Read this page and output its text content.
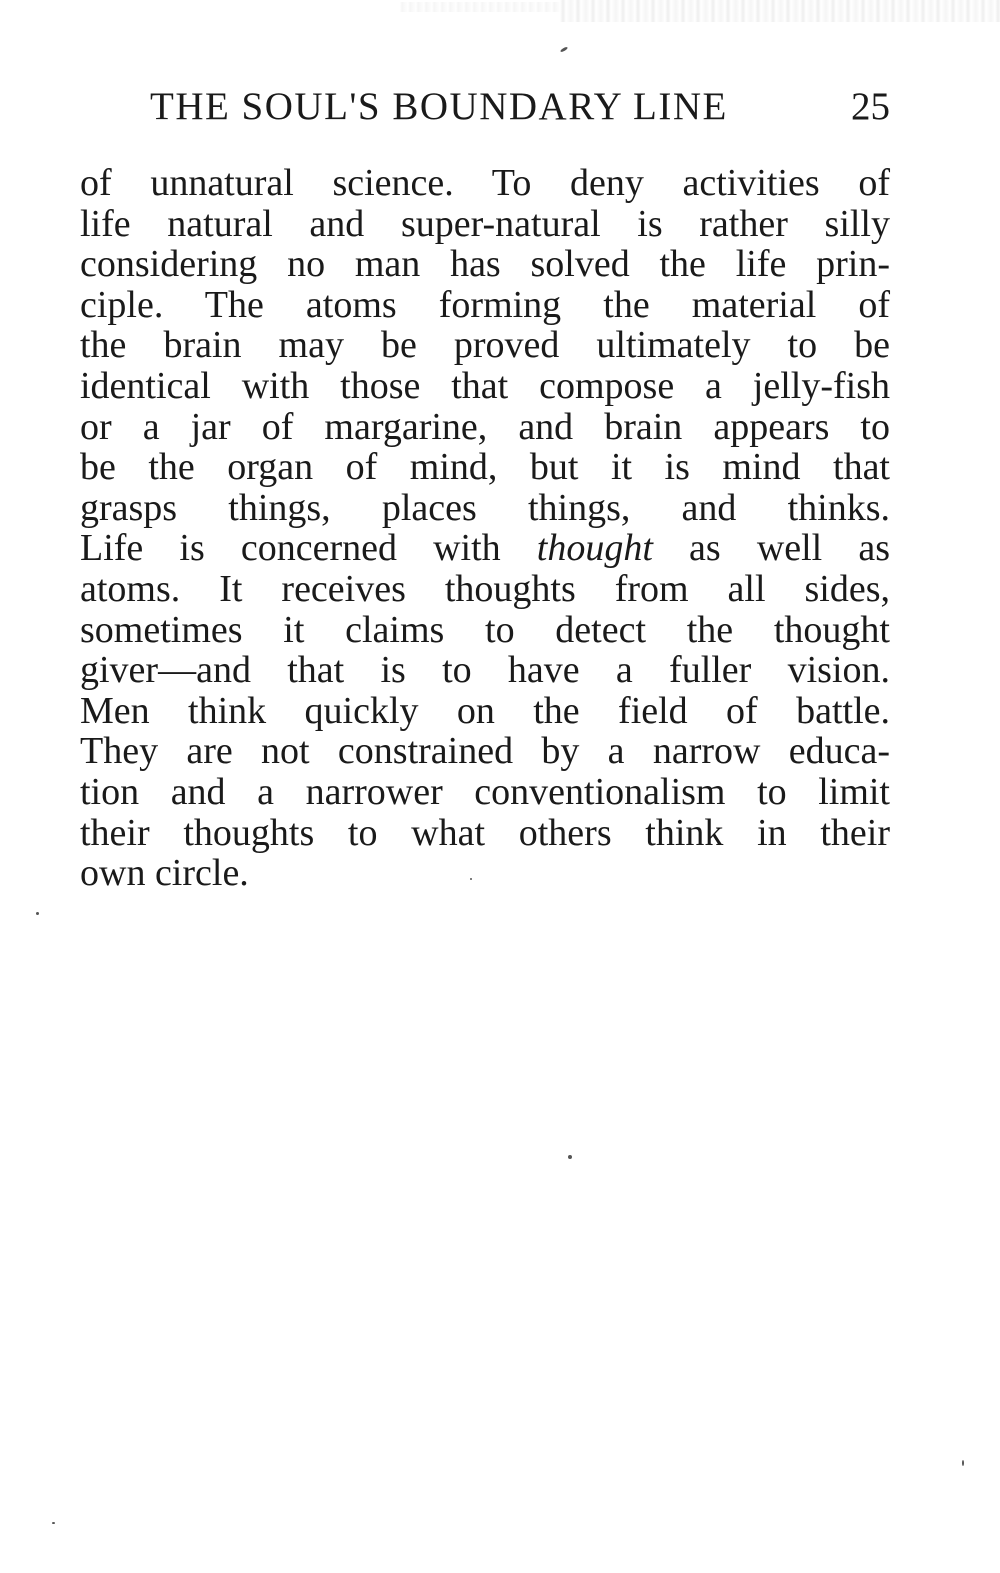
THE SOUL'S BOUNDARY LINE	25
of unnatural science. To deny activities of
life natural and super-natural is rather silly
considering no man has solved the life prin-
ciple. The atoms forming the material of
the brain may be proved ultimately to be
identical with those that compose a jelly-fish
or a jar of margarine, and brain appears to
be the organ of mind, but it is mind that
grasps things, places things, and thinks.
Life is concerned with thought as well as
atoms. It receives thoughts from all sides,
sometimes it claims to detect the thought
giver—and that is to have a fuller vision.
Men think quickly on the field of battle.
They are not constrained by a narrow educa-
tion and a narrower conventionalism to limit
their thoughts to what others think in their
own circle.
